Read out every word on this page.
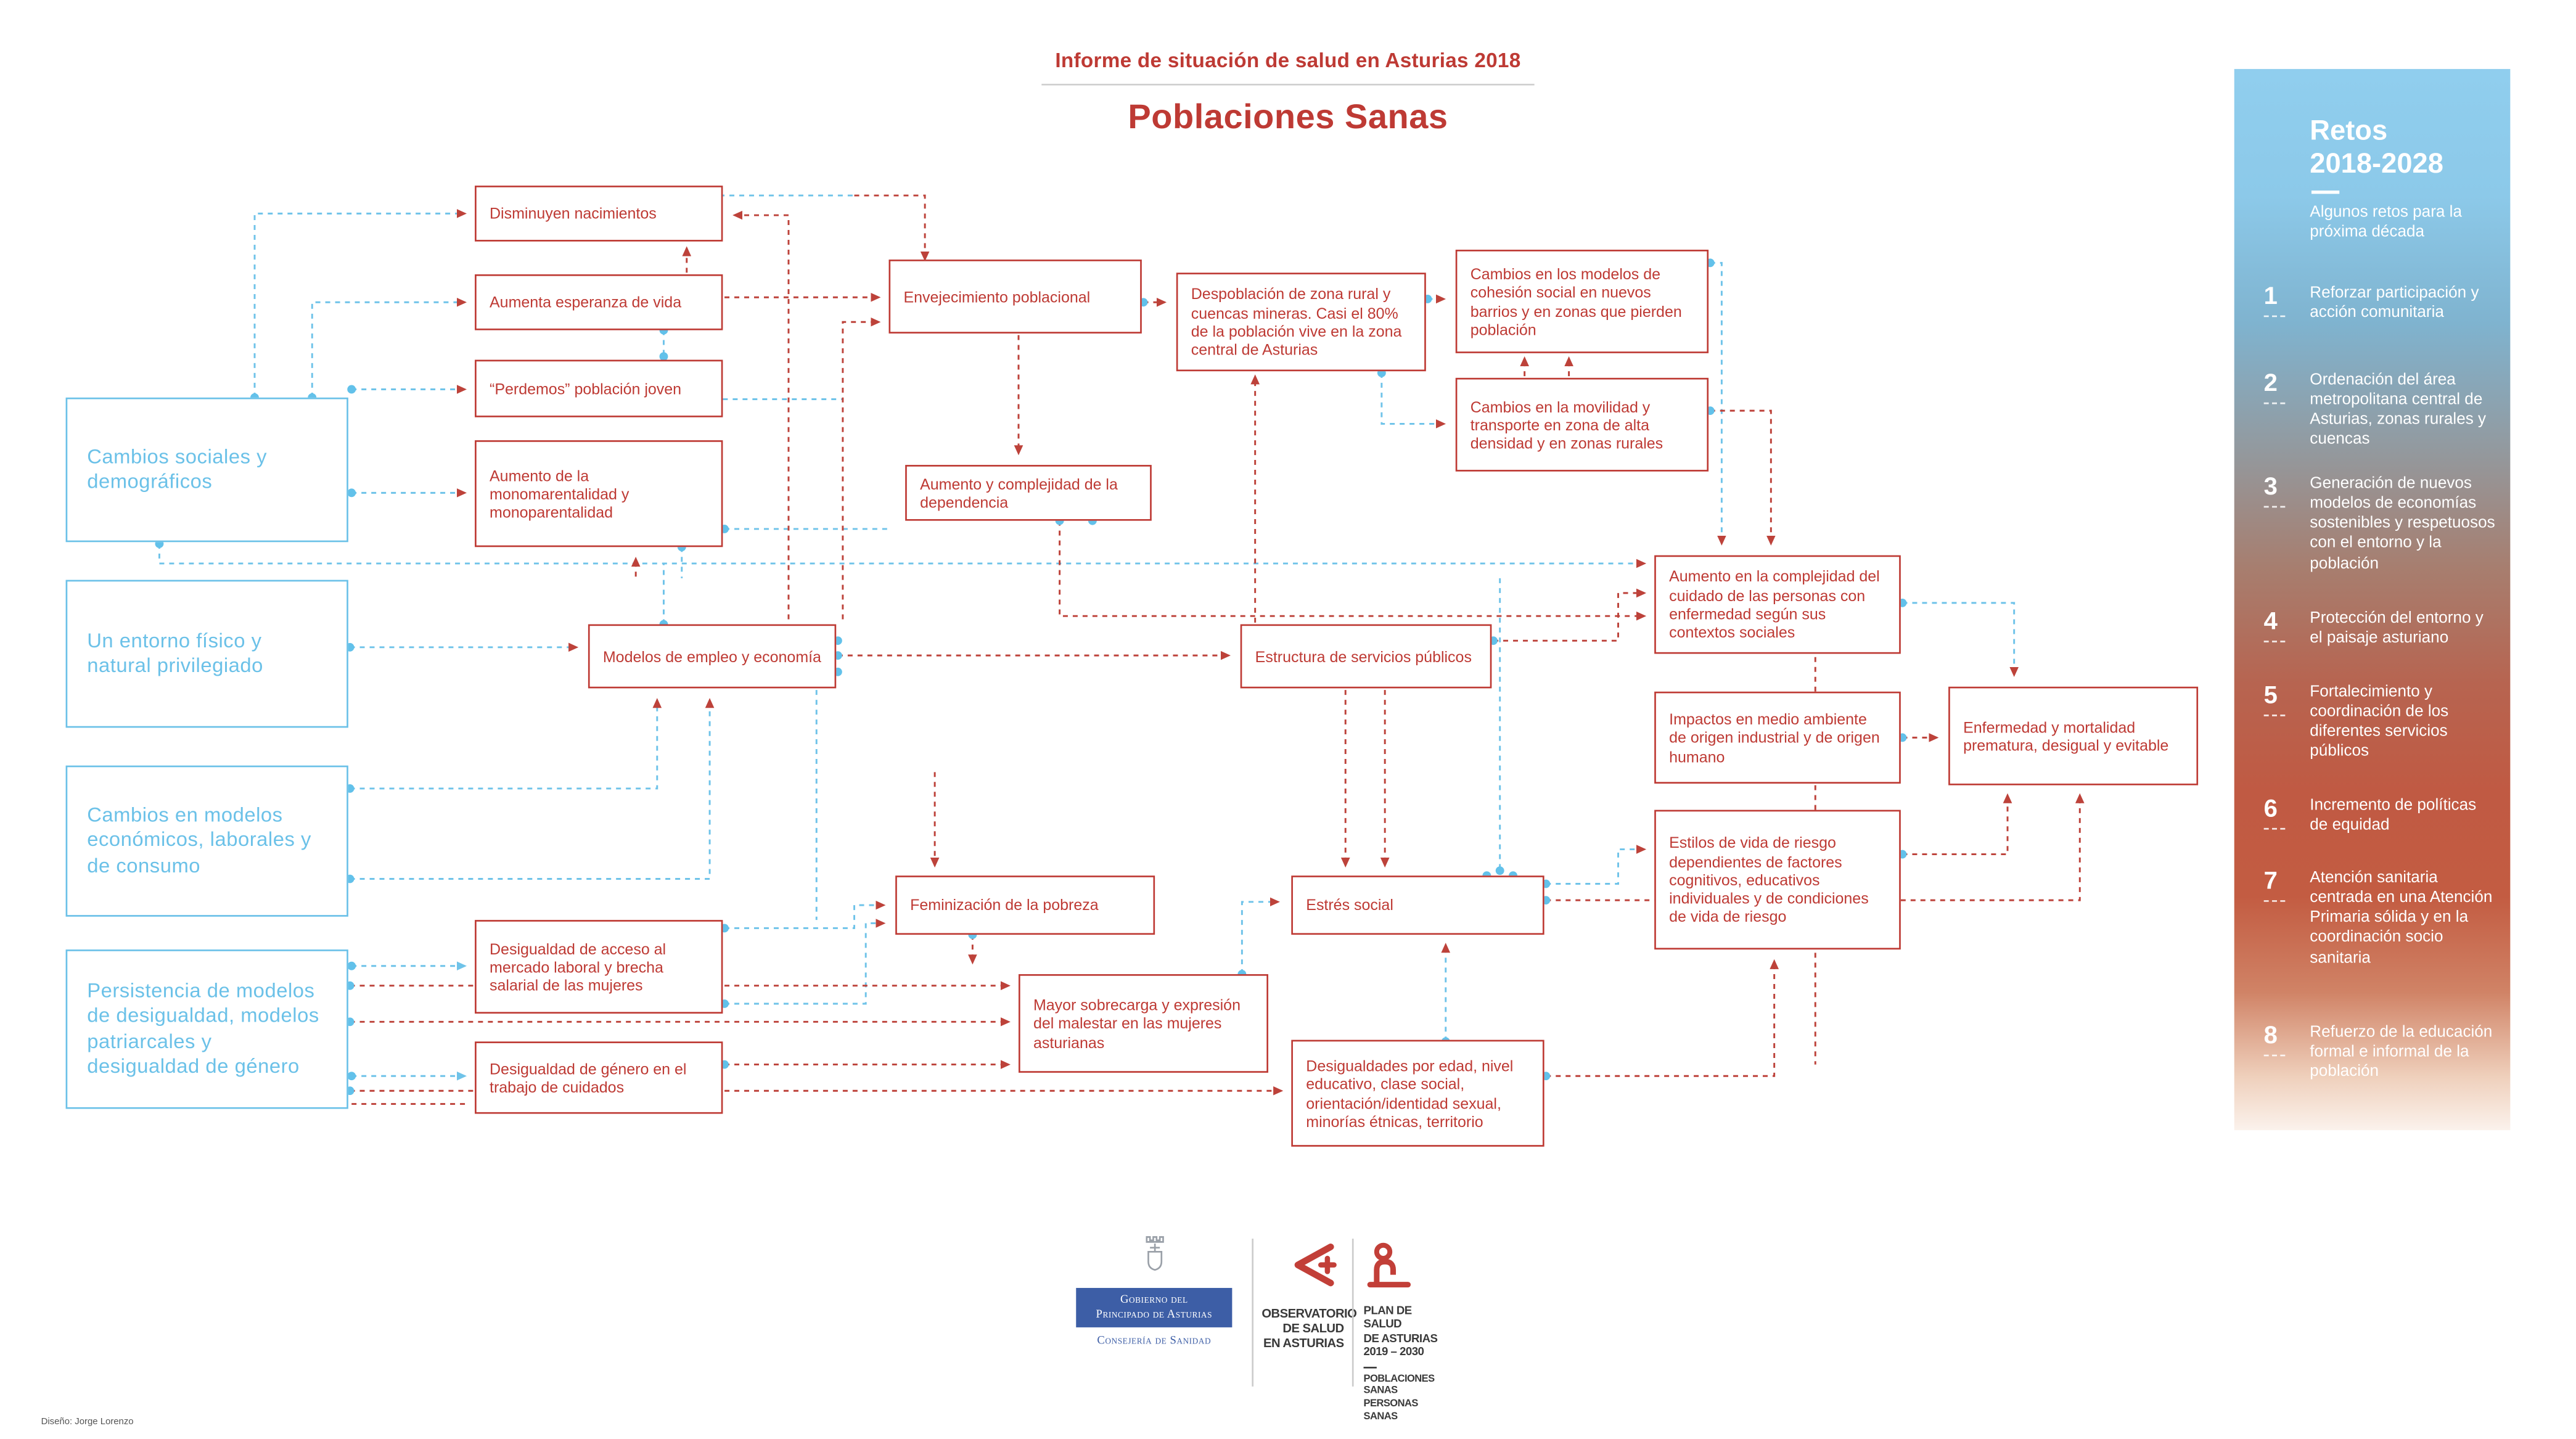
Informe de situación de salud en Asturias 2018
Poblaciones Sanas
Cambios sociales y demográficos
Un entorno físico y natural privilegiado
Cambios en modelos económicos, laborales y de consumo
Persistencia de modelos de desigualdad, modelos patriarcales y desigualdad de género
Disminuyen nacimientos
Aumenta esperanza de vida
“Perdemos” población joven
Aumento de la monomarentalidad y monoparentalidad
Envejecimiento poblacional	Despoblación de zona rural y cuencas mineras. Casi el 80% de la población vive en la zona central de Asturias
Cambios en los modelos de cohesión social en nuevos barrios y en zonas que pierden población
Cambios en la movilidad y transporte en zona de alta densidad y en zonas rurales
Aumento y complejidad de la dependencia
Modelos de empleo y economía	Estructura de servicios públicos
Aumento en la complejidad del cuidado de las personas con enfermedad según sus contextos sociales
Impactos en medio ambiente de origen industrial y de origen humano
Enfermedad y mortalidad prematura, desigual y evitable
Estilos de vida de riesgo dependientes de factores cognitivos, educativos individuales y de condiciones de vida de riesgo
Feminización de la pobreza	Estrés social
Mayor sobrecarga y expresión del malestar en las mujeres asturianas
Desigualdades por edad, nivel educativo, clase social, orientación/identidad sexual, minorías étnicas, territorio
Desigualdad de acceso al mercado laboral y brecha salarial de las mujeres
Desigualdad de género en el trabajo de cuidados
Retos
2018-2028
Algunos retos para la próxima década
1	Reforzar participación y acción comunitaria
2	Ordenación del área metropolitana central de Asturias, zonas rurales y cuencas
3	Generación de nuevos modelos de economías sostenibles y respetuosos con el entorno y la población
4	Protección del entorno y el paisaje asturiano
5	Fortalecimiento y coordinación de los diferentes servicios públicos
6	Incremento de políticas de equidad
7	Atención sanitaria centrada en una Atención Primaria sólida y en la coordinación socio sanitaria
8	Refuerzo de la educación formal e informal de la población
Gobierno del
Principado de Asturias
Consejería de Sanidad
OBSERVATORIO
DE SALUD
EN ASTURIAS
PLAN DE SALUD
DE ASTURIAS
2019 – 2030
POBLACIONES SANAS
PERSONAS SANAS
Diseño: Jorge Lorenzo
